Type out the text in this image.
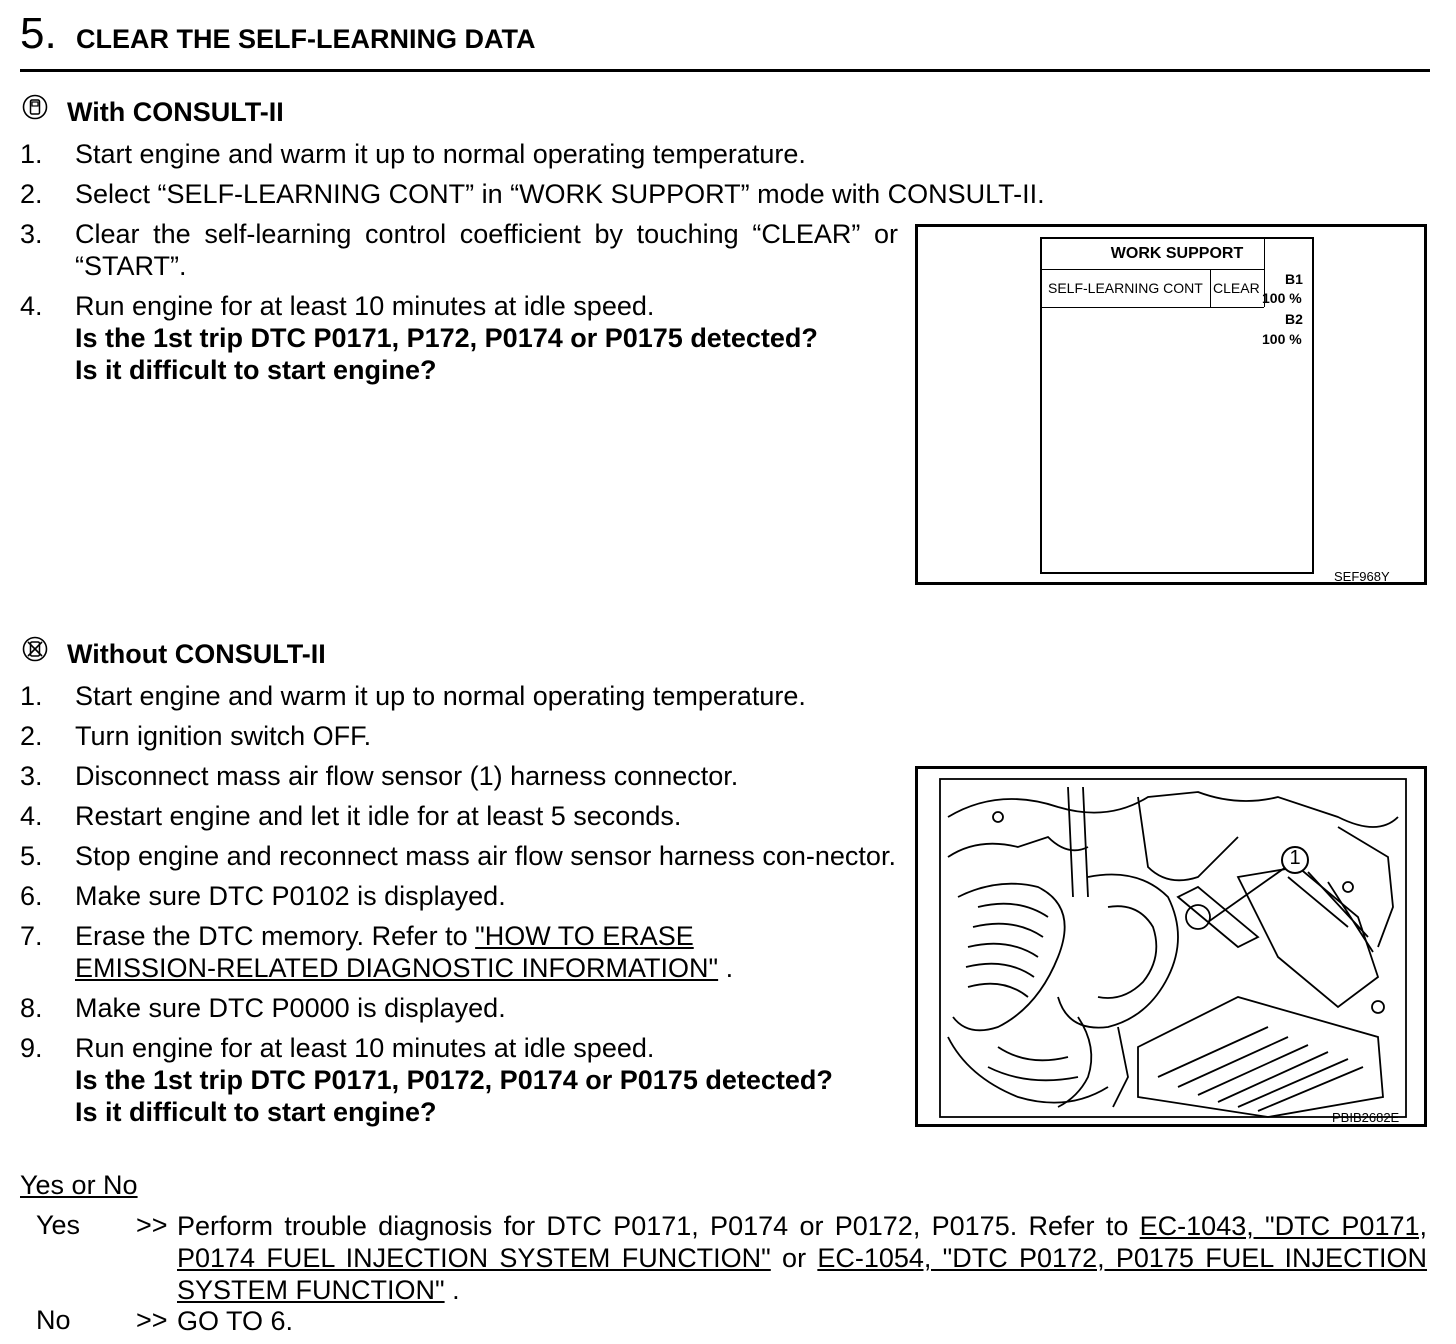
5. CLEAR THE SELF-LEARNING DATA
With CONSULT-II
1. Start engine and warm it up to normal operating temperature.
2. Select “SELF-LEARNING CONT” in “WORK SUPPORT” mode with CONSULT-II.
3. Clear the self-learning control coefficient by touching “CLEAR” or “START”.
4. Run engine for at least 10 minutes at idle speed.
Is the 1st trip DTC P0171, P172, P0174 or P0175 detected?
Is it difficult to start engine?
WORK SUPPORT
SELF-LEARNING CONT CLEAR
B1
100 %
B2
100 %
SEF968Y
Without CONSULT-II
1. Start engine and warm it up to normal operating temperature.
2. Turn ignition switch OFF.
3. Disconnect mass air flow sensor (1) harness connector.
4. Restart engine and let it idle for at least 5 seconds.
5. Stop engine and reconnect mass air flow sensor harness con-nector.
6. Make sure DTC P0102 is displayed.
7. Erase the DTC memory. Refer to "HOW TO ERASE EMISSION-RELATED DIAGNOSTIC INFORMATION" .
8. Make sure DTC P0000 is displayed.
9. Run engine for at least 10 minutes at idle speed.
Is the 1st trip DTC P0171, P0172, P0174 or P0175 detected?
Is it difficult to start engine?
1
PBIB2682E
Yes or No
Yes >> Perform trouble diagnosis for DTC P0171, P0174 or P0172, P0175. Refer to EC-1043, "DTC P0171, P0174 FUEL INJECTION SYSTEM FUNCTION" or EC-1054, "DTC P0172, P0175 FUEL INJECTION SYSTEM FUNCTION" .
No >> GO TO 6.
